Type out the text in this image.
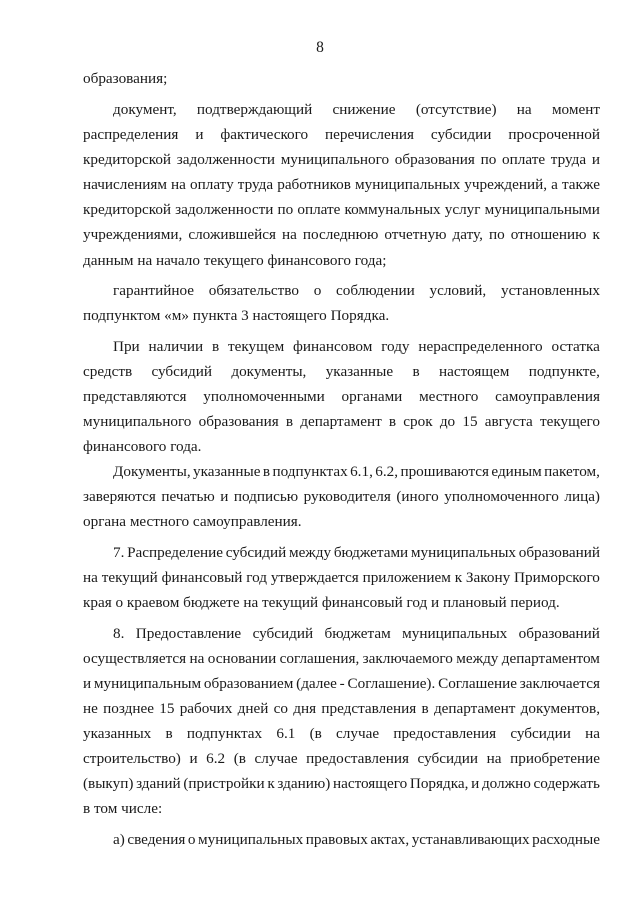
8
образования;
документ, подтверждающий снижение (отсутствие) на момент
распределения и фактического перечисления субсидии просроченной
кредиторской задолженности муниципального образования по оплате труда и
начислениям на оплату труда работников муниципальных учреждений, а также
кредиторской задолженности по оплате коммунальных услуг муниципальными
учреждениями, сложившейся на последнюю отчетную дату, по отношению к
данным на начало текущего финансового года;
гарантийное обязательство о соблюдении условий, установленных
подпунктом «м» пункта 3 настоящего Порядка.
При наличии в текущем финансовом году нераспределенного остатка
средств субсидий документы, указанные в настоящем подпункте,
представляются уполномоченными органами местного самоуправления
муниципального образования в департамент в срок до 15 августа текущего
финансового года.
Документы, указанные в подпунктах 6.1, 6.2, прошиваются единым пакетом,
заверяются печатью и подписью руководителя (иного уполномоченного лица)
органа местного самоуправления.
7. Распределение субсидий между бюджетами муниципальных образований
на текущий финансовый год утверждается приложением к Закону Приморского
края о краевом бюджете на текущий финансовый год и плановый период.
8. Предоставление субсидий бюджетам муниципальных образований
осуществляется на основании соглашения, заключаемого между департаментом
и муниципальным образованием (далее - Соглашение). Соглашение заключается
не позднее 15 рабочих дней со дня представления в департамент документов,
указанных в подпунктах 6.1 (в случае предоставления субсидии на
строительство) и 6.2 (в случае предоставления субсидии на приобретение
(выкуп) зданий (пристройки к зданию) настоящего Порядка, и должно содержать
в том числе:
а) сведения о муниципальных правовых актах, устанавливающих расходные
